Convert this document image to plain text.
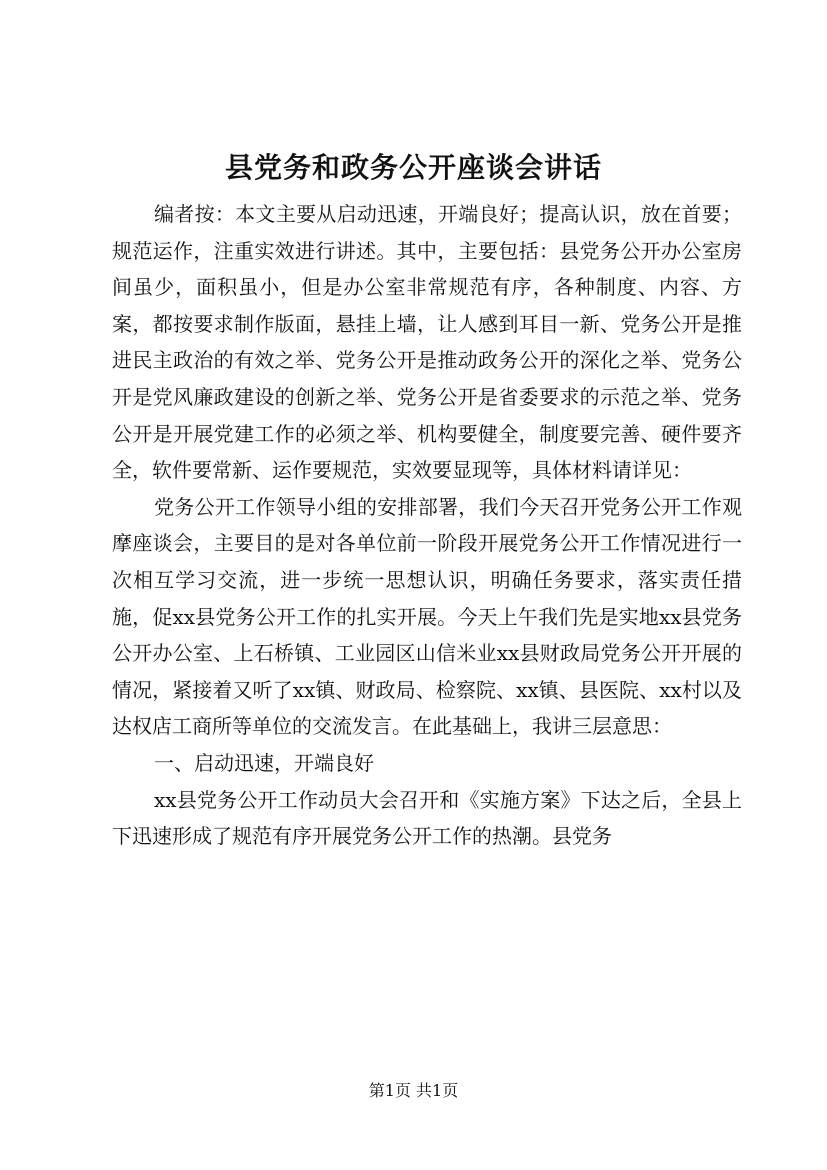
县党务和政务公开座谈会讲话

编者按：本文主要从启动迅速，开端良好；提高认识，放在首要；规范运作，注重实效进行讲述。其中，主要包括：县党务公开办公室房间虽少，面积虽小，但是办公室非常规范有序，各种制度、内容、方案，都按要求制作版面，悬挂上墙，让人感到耳目一新、党务公开是推进民主政治的有效之举、党务公开是推动政务公开的深化之举、党务公开是党风廉政建设的创新之举、党务公开是省委要求的示范之举、党务公开是开展党建工作的必须之举、机构要健全，制度要完善、硬件要齐全，软件要常新、运作要规范，实效要显现等，具体材料请详见：

党务公开工作领导小组的安排部署，我们今天召开党务公开工作观摩座谈会，主要目的是对各单位前一阶段开展党务公开工作情况进行一次相互学习交流，进一步统一思想认识，明确任务要求，落实责任措施，促xx县党务公开工作的扎实开展。今天上午我们先是实地xx县党务公开办公室、上石桥镇、工业园区山信米业xx县财政局党务公开开展的情况，紧接着又听了xx镇、财政局、检察院、xx镇、县医院、xx村以及达权店工商所等单位的交流发言。在此基础上，我讲三层意思：

一、启动迅速，开端良好

xx县党务公开工作动员大会召开和《实施方案》下达之后，全县上下迅速形成了规范有序开展党务公开工作的热潮。县党务

第1页 共1页
